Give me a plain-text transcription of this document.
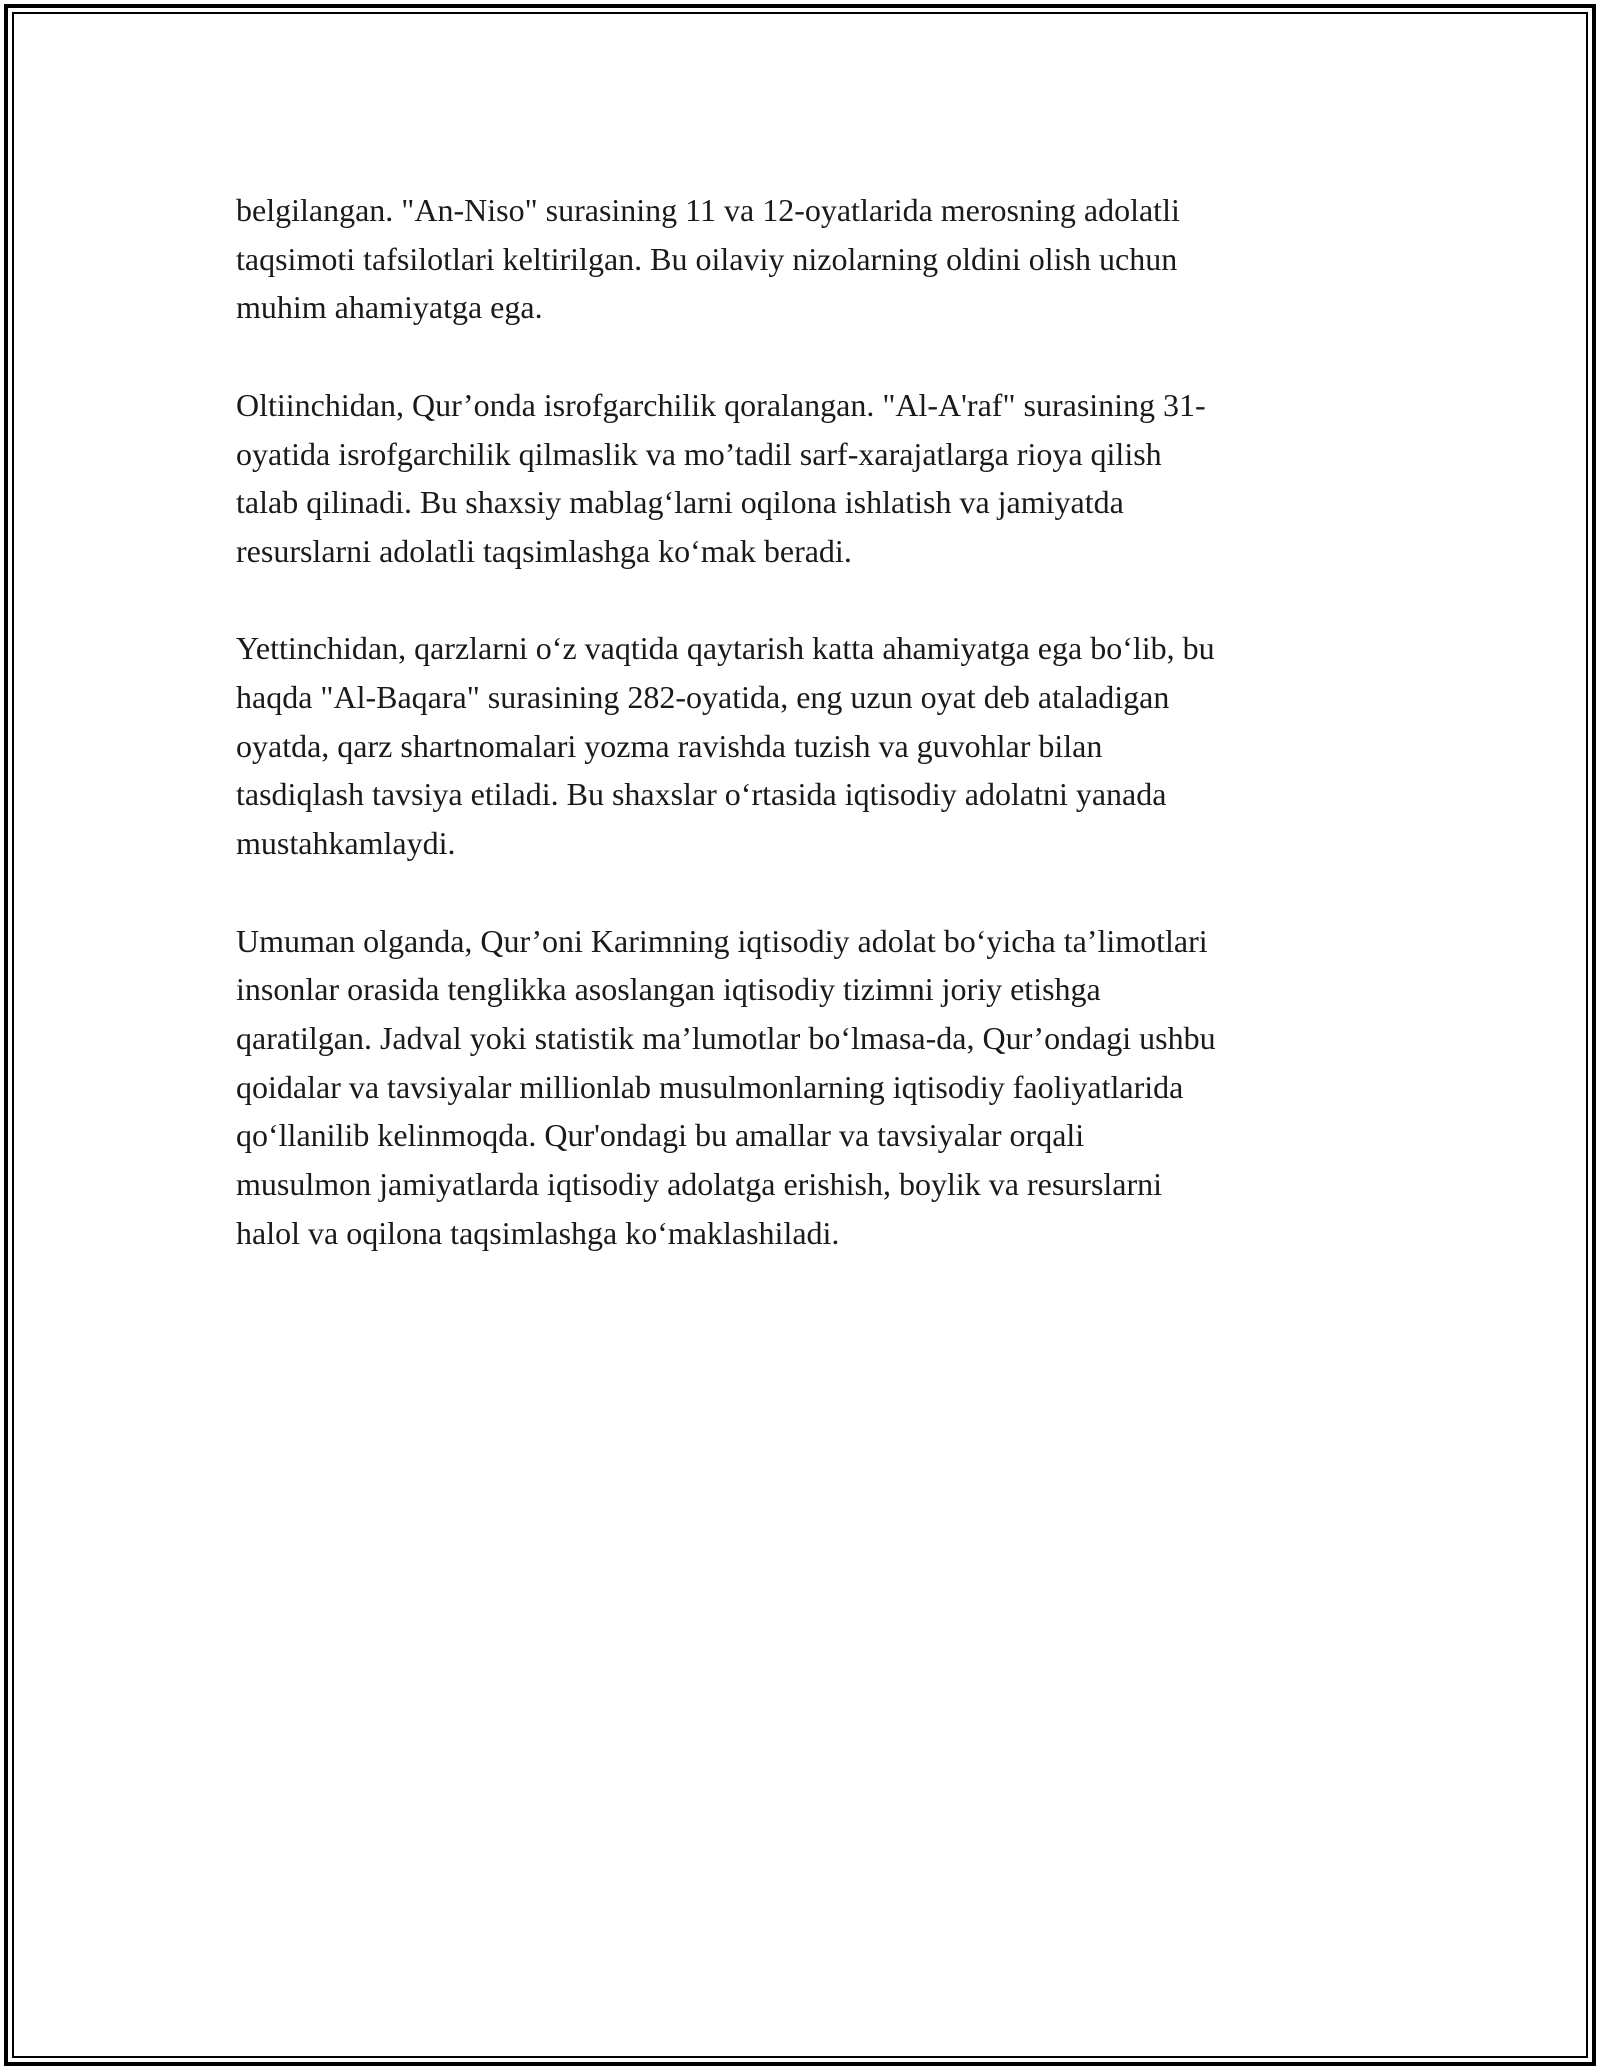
belgilangan. "An-Niso" surasining 11 va 12-oyatlarida merosning adolatli
taqsimoti tafsilotlari keltirilgan. Bu oilaviy nizolarning oldini olish uchun
muhim ahamiyatga ega.

Oltiinchidan, Qur’onda isrofgarchilik qoralangan. "Al-A'raf" surasining 31-
oyatida isrofgarchilik qilmaslik va mo’tadil sarf-xarajatlarga rioya qilish
talab qilinadi. Bu shaxsiy mablag‘larni oqilona ishlatish va jamiyatda
resurslarni adolatli taqsimlashga ko‘mak beradi.

Yettinchidan, qarzlarni o‘z vaqtida qaytarish katta ahamiyatga ega bo‘lib, bu
haqda "Al-Baqara" surasining 282-oyatida, eng uzun oyat deb ataladigan
oyatda, qarz shartnomalari yozma ravishda tuzish va guvohlar bilan
tasdiqlash tavsiya etiladi. Bu shaxslar o‘rtasida iqtisodiy adolatni yanada
mustahkamlaydi.

Umuman olganda, Qur’oni Karimning iqtisodiy adolat bo‘yicha ta’limotlari
insonlar orasida tenglikka asoslangan iqtisodiy tizimni joriy etishga
qaratilgan. Jadval yoki statistik ma’lumotlar bo‘lmasa-da, Qur’ondagi ushbu
qoidalar va tavsiyalar millionlab musulmonlarning iqtisodiy faoliyatlarida
qo‘llanilib kelinmoqda. Qur'ondagi bu amallar va tavsiyalar orqali
musulmon jamiyatlarda iqtisodiy adolatga erishish, boylik va resurslarni
halol va oqilona taqsimlashga ko‘maklashiladi.
